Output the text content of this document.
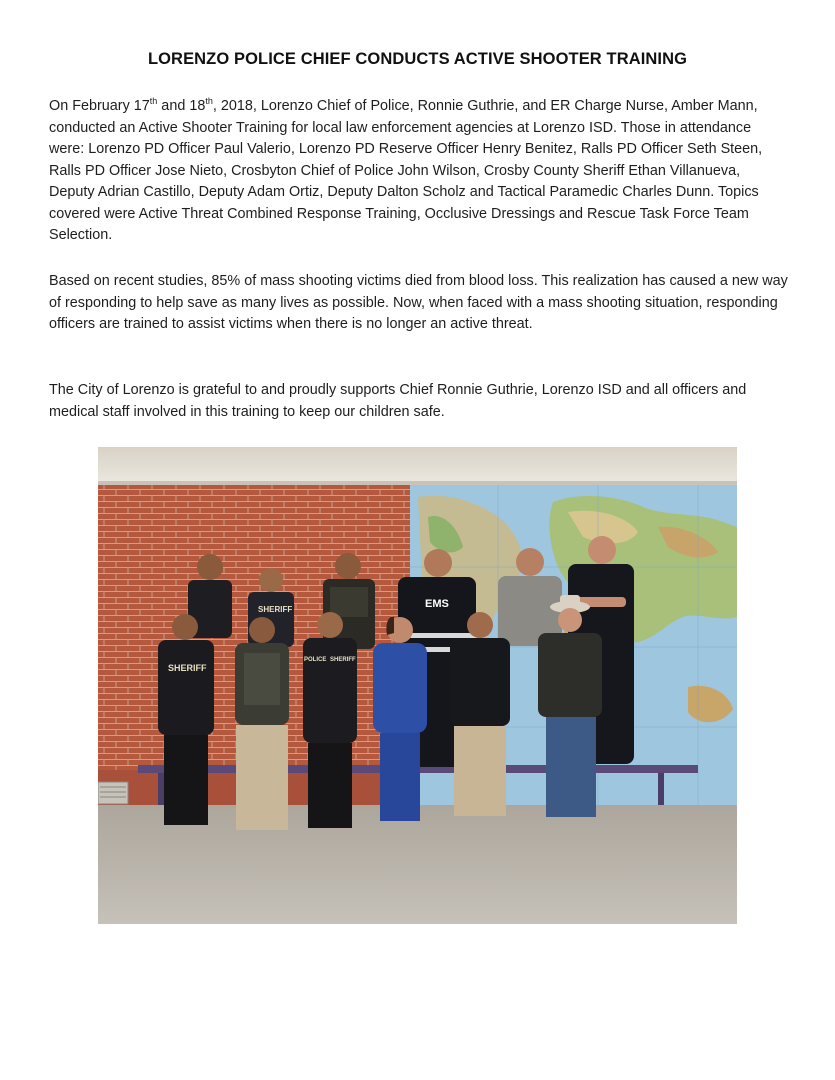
LORENZO POLICE CHIEF CONDUCTS ACTIVE SHOOTER TRAINING
On February 17th and 18th, 2018, Lorenzo Chief of Police, Ronnie Guthrie, and ER Charge Nurse, Amber Mann, conducted an Active Shooter Training for local law enforcement agencies at Lorenzo ISD. Those in attendance were: Lorenzo PD Officer Paul Valerio, Lorenzo PD Reserve Officer Henry Benitez, Ralls PD Officer Seth Steen, Ralls PD Officer Jose Nieto, Crosbyton Chief of Police John Wilson, Crosby County Sheriff Ethan Villanueva, Deputy Adrian Castillo, Deputy Adam Ortiz, Deputy Dalton Scholz and Tactical Paramedic Charles Dunn. Topics covered were Active Threat Combined Response Training, Occlusive Dressings and Rescue Task Force Team Selection.
Based on recent studies, 85% of mass shooting victims died from blood loss. This realization has caused a new way of responding to help save as many lives as possible. Now, when faced with a mass shooting situation, responding officers are trained to assist victims when there is no longer an active threat.
The City of Lorenzo is grateful to and proudly supports Chief Ronnie Guthrie, Lorenzo ISD and all officers and medical staff involved in this training to keep our children safe.
SHERIFF	EMS
SHERIFF
POLICE SHERIFF
